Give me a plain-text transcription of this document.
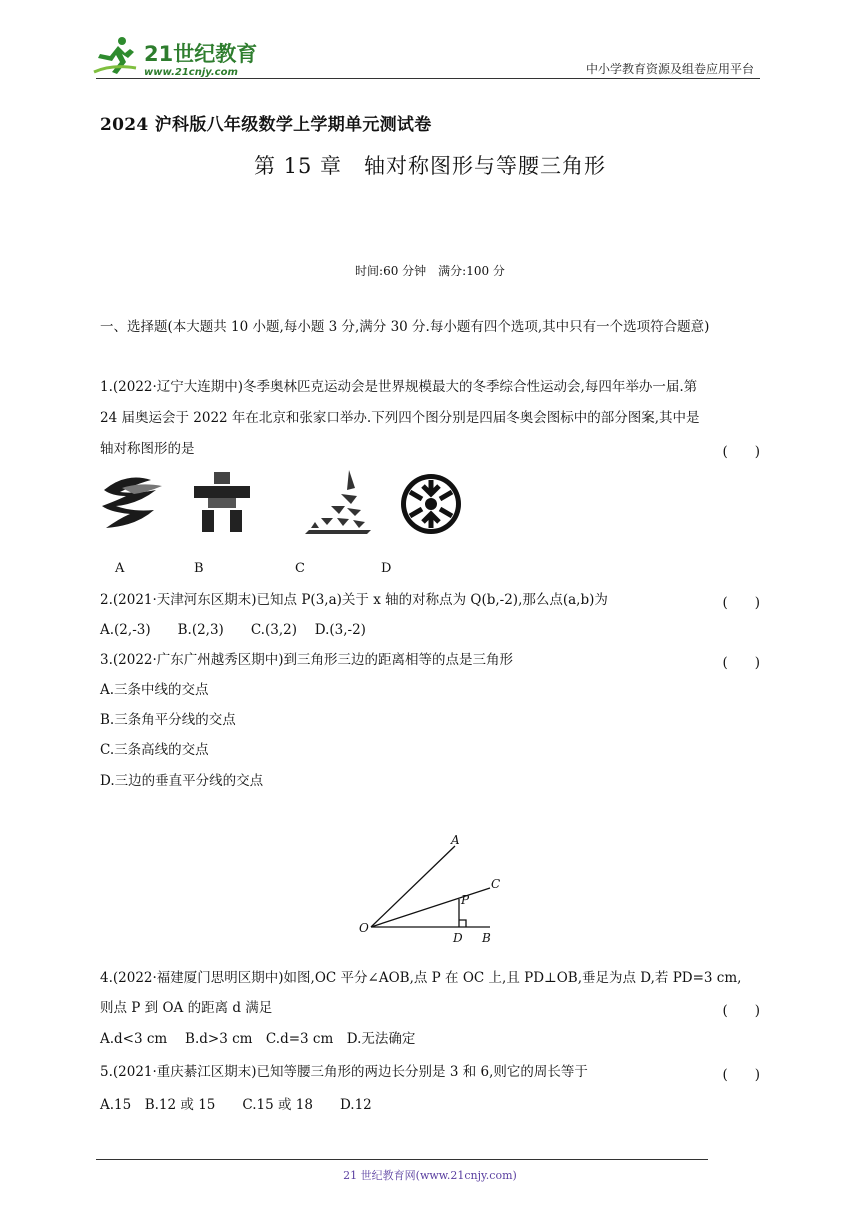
21世纪教育
www.21cnjy.com	中小学教育资源及组卷应用平台
2024 沪科版八年级数学上学期单元测试卷
第 15 章　轴对称图形与等腰三角形
时间:60 分钟　满分:100 分
一、选择题(本大题共 10 小题,每小题 3 分,满分 30 分.每小题有四个选项,其中只有一个选项符合题意)
1.(2022·辽宁大连期中)冬季奥林匹克运动会是世界规模最大的冬季综合性运动会,每四年举办一届.第
24 届奥运会于 2022 年在北京和张家口举办.下列四个图分别是四届冬奥会图标中的部分图案,其中是
轴对称图形的是	(　　)
A	B	C	D
2.(2021·天津河东区期末)已知点 P(3,a)关于 x 轴的对称点为 Q(b,-2),那么点(a,b)为	(　　)
A.(2,-3)　　B.(2,3)　　C.(3,2)　 D.(3,-2)
3.(2022·广东广州越秀区期中)到三角形三边的距离相等的点是三角形	(　　)
A.三条中线的交点
B.三条角平分线的交点
C.三条高线的交点
D.三边的垂直平分线的交点
A
C
P
O
D B
4.(2022·福建厦门思明区期中)如图,OC 平分∠AOB,点 P 在 OC 上,且 PD⊥OB,垂足为点 D,若 PD=3 cm,
则点 P 到 OA 的距离 d 满足	(　　)
A.d<3 cm　 B.d>3 cm　C.d=3 cm　D.无法确定
5.(2021·重庆綦江区期末)已知等腰三角形的两边长分别是 3 和 6,则它的周长等于	(　　)
A.15　B.12 或 15　　C.15 或 18　　D.12
21 世纪教育网(www.21cnjy.com)
